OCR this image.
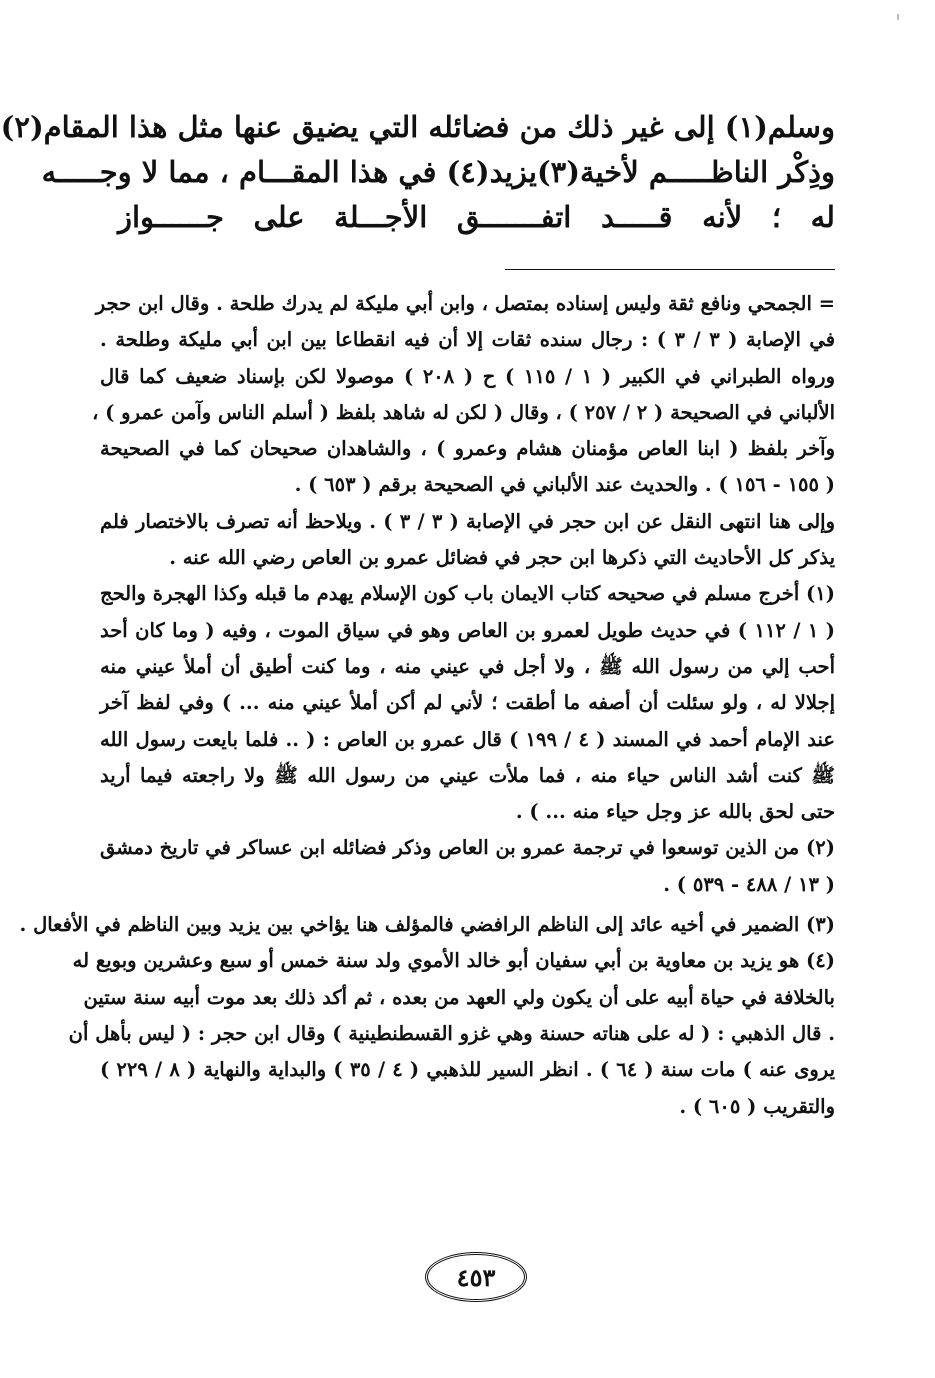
وسلم(١) إلى غير ذلك من فضائله التي يضيق عنها مثل هذا المقام(٢)
وذِكْر الناظـــــم لأخية(٣)يزيد(٤) في هذا المقـــام ، مما لا وجـــــه
له ؛ لأنه قـــــد اتفـــــــق الأجـــلة على جــــــواز
= الجمحي ونافع ثقة وليس إسناده بمتصل ، وابن أبي مليكة لم يدرك طلحة . وقال ابن حجر
في الإصابة ( ٣ / ٣ ) : رجال سنده ثقات إلا أن فيه انقطاعا بين ابن أبي مليكة وطلحة .
ورواه الطبراني في الكبير ( ١ / ١١٥ ) ح ( ٢٠٨ ) موصولا لكن بإسناد ضعيف كما قال
الألباني في الصحيحة ( ٢ / ٢٥٧ ) ، وقال ( لكن له شاهد بلفظ ( أسلم الناس وآمن عمرو ) ،
وآخر بلفظ ( ابنا العاص مؤمنان هشام وعمرو ) ، والشاهدان صحيحان كما في الصحيحة
( ١٥٥ - ١٥٦ ) . والحديث عند الألباني في الصحيحة برقم ( ٦٥٣ ) .
وإلى هنا انتهى النقل عن ابن حجر في الإصابة ( ٣ / ٣ ) . ويلاحظ أنه تصرف بالاختصار فلم
يذكر كل الأحاديث التي ذكرها ابن حجر في فضائل عمرو بن العاص رضي الله عنه .
(١) أخرج مسلم في صحيحه كتاب الايمان باب كون الإسلام يهدم ما قبله وكذا الهجرة والحج
( ١ / ١١٢ ) في حديث طويل لعمرو بن العاص وهو في سياق الموت ، وفيه ( وما كان أحد
أحب إلي من رسول الله ﷺ ، ولا أجل في عيني منه ، وما كنت أطيق أن أملأ عيني منه
إجلالا له ، ولو سئلت أن أصفه ما أطقت ؛ لأني لم أكن أملأ عيني منه ... ) وفي لفظ آخر
عند الإمام أحمد في المسند ( ٤ / ١٩٩ ) قال عمرو بن العاص : ( .. فلما بايعت رسول الله
ﷺ كنت أشد الناس حياء منه ، فما ملأت عيني من رسول الله ﷺ ولا راجعته فيما أريد
حتى لحق بالله عز وجل حياء منه ... ) .
(٢) من الذين توسعوا في ترجمة عمرو بن العاص وذكر فضائله ابن عساكر في تاريخ دمشق
( ١٣ / ٤٨٨ - ٥٣٩ ) .
(٣) الضمير في أخيه عائد إلى الناظم الرافضي فالمؤلف هنا يؤاخي بين يزيد وبين الناظم في الأفعال .
(٤) هو يزيد بن معاوية بن أبي سفيان أبو خالد الأموي ولد سنة خمس أو سبع وعشرين وبويع له
بالخلافة في حياة أبيه على أن يكون ولي العهد من بعده ، ثم أكد ذلك بعد موت أبيه سنة ستين
. قال الذهبي : ( له على هناته حسنة وهي غزو القسطنطينية ) وقال ابن حجر : ( ليس بأهل أن
يروى عنه ) مات سنة ( ٦٤ ) . انظر السير للذهبي ( ٤ / ٣٥ ) والبداية والنهاية ( ٨ / ٢٢٩ )
والتقريب ( ٦٠٥ ) .
٤٥٣
